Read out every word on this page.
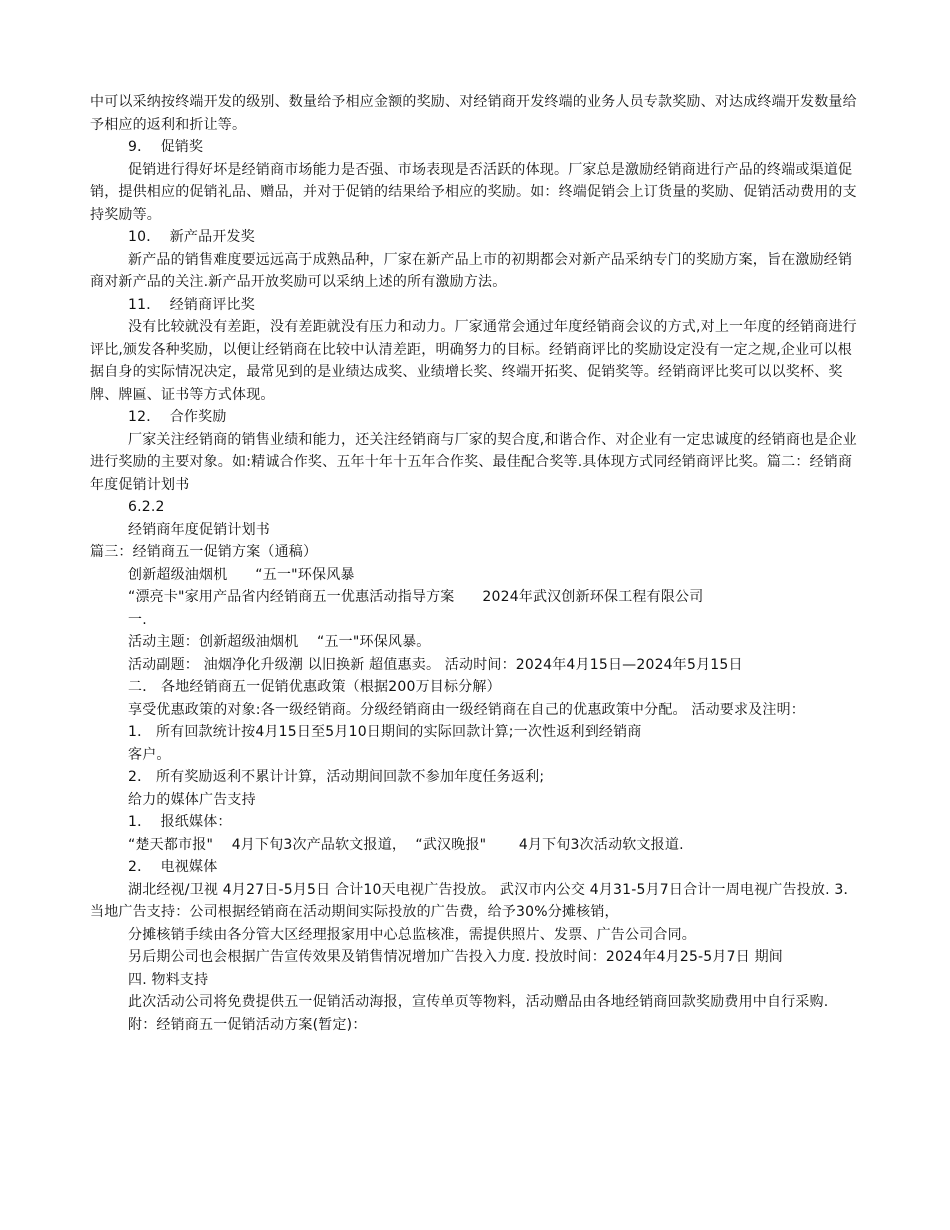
中可以采纳按终端开发的级别、数量给予相应金额的奖励、对经销商开发终端的业务人员专款奖励、对达成终端开发数量给予相应的返利和折让等。

9．  促销奖

促销进行得好坏是经销商市场能力是否强、市场表现是否活跃的体现。厂家总是激励经销商进行产品的终端或渠道促销，提供相应的促销礼品、赠品，并对于促销的结果给予相应的奖励。如：终端促销会上订货量的奖励、促销活动费用的支持奖励等。

10．  新产品开发奖

新产品的销售难度要远远高于成熟品种，厂家在新产品上市的初期都会对新产品采纳专门的奖励方案，旨在激励经销商对新产品的关注.新产品开放奖励可以采纳上述的所有激励方法。

11．  经销商评比奖

没有比较就没有差距，没有差距就没有压力和动力。厂家通常会通过年度经销商会议的方式,对上一年度的经销商进行评比,颁发各种奖励，以便让经销商在比较中认清差距，明确努力的目标。经销商评比的奖励设定没有一定之规,企业可以根据自身的实际情况决定，最常见到的是业绩达成奖、业绩增长奖、终端开拓奖、促销奖等。经销商评比奖可以以奖杯、奖牌、牌匾、证书等方式体现。

12．  合作奖励

厂家关注经销商的销售业绩和能力，还关注经销商与厂家的契合度,和谐合作、对企业有一定忠诚度的经销商也是企业进行奖励的主要对象。如:精诚合作奖、五年十年十五年合作奖、最佳配合奖等.具体现方式同经销商评比奖。篇二：经销商年度促销计划书

6.2.2

经销商年度促销计划书

篇三：经销商五一促销方案（通稿）

创新超级油烟机      “五一"环保风暴

“漂亮卡"家用产品省内经销商五一优惠活动指导方案      2024年武汉创新环保工程有限公司

一.

活动主题：创新超级油烟机    “五一"环保风暴。

活动副题： 油烟净化升级潮 以旧换新 超值惠卖。 活动时间：2024年4月15日—2024年5月15日

二． 各地经销商五一促销优惠政策（根据200万目标分解）

享受优惠政策的对象:各一级经销商。分级经销商由一级经销商在自己的优惠政策中分配。 活动要求及注明：

1． 所有回款统计按4月15日至5月10日期间的实际回款计算;一次性返利到经销商

客户。

2． 所有奖励返利不累计计算，活动期间回款不参加年度任务返利;

给力的媒体广告支持

1．  报纸媒体：

“楚天都市报"    4月下旬3次产品软文报道，  “武汉晚报"       4月下旬3次活动软文报道.

2．  电视媒体

湖北经视/卫视 4月27日-5月5日 合计10天电视广告投放。 武汉市内公交 4月31-5月7日合计一周电视广告投放. 3．当地广告支持：公司根据经销商在活动期间实际投放的广告费，给予30%分摊核销，

分摊核销手续由各分管大区经理报家用中心总监核准，需提供照片、发票、广告公司合同。

另后期公司也会根据广告宣传效果及销售情况增加广告投入力度. 投放时间：2024年4月25-5月7日 期间

四. 物料支持

此次活动公司将免费提供五一促销活动海报，宣传单页等物料，活动赠品由各地经销商回款奖励费用中自行采购.

附：经销商五一促销活动方案(暂定)：
